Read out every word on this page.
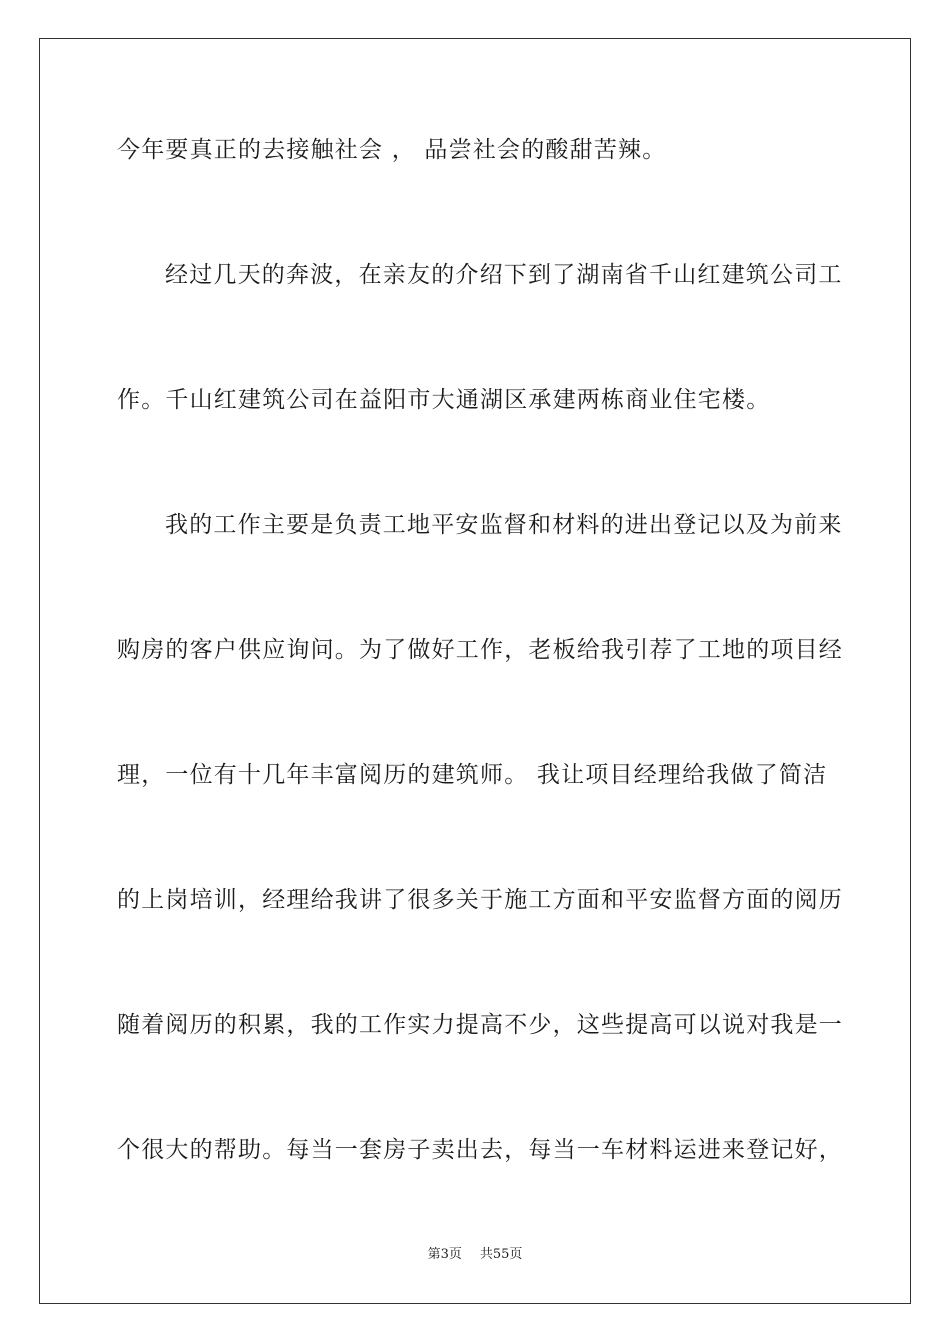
今年要真正的去接触社会 ， 品尝社会的酸甜苦辣。
经过几天的奔波，在亲友的介绍下到了湖南省千山红建筑公司工
作。千山红建筑公司在益阳市大通湖区承建两栋商业住宅楼。
我的工作主要是负责工地平安监督和材料的进出登记以及为前来
购房的客户供应询问。为了做好工作，老板给我引荐了工地的项目经
理，一位有十几年丰富阅历的建筑师。 我让项目经理给我做了简洁
的上岗培训，经理给我讲了很多关于施工方面和平安监督方面的阅历
随着阅历的积累，我的工作实力提高不少，这些提高可以说对我是一
个很大的帮助。每当一套房子卖出去，每当一车材料运进来登记好，
第3页 共55页
